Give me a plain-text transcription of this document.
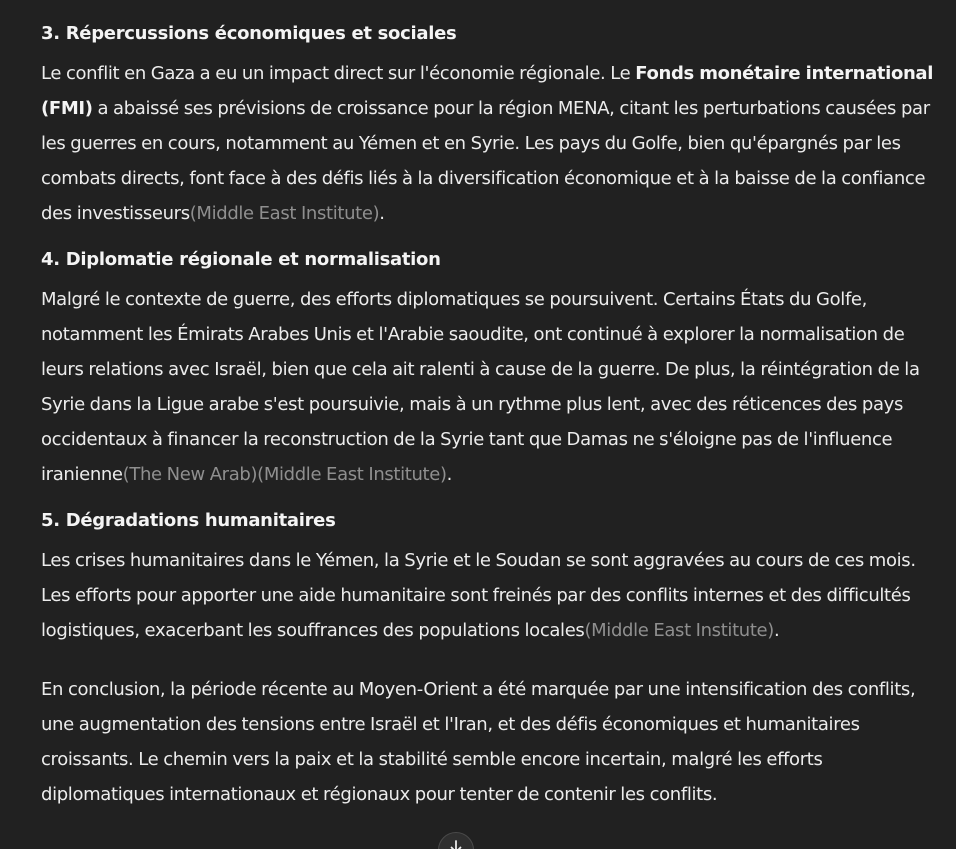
3. Répercussions économiques et sociales

Le conflit en Gaza a eu un impact direct sur l'économie régionale. Le Fonds monétaire international (FMI) a abaissé ses prévisions de croissance pour la région MENA, citant les perturbations causées par les guerres en cours, notamment au Yémen et en Syrie. Les pays du Golfe, bien qu'épargnés par les combats directs, font face à des défis liés à la diversification économique et à la baisse de la confiance des investisseurs(Middle East Institute).

4. Diplomatie régionale et normalisation

Malgré le contexte de guerre, des efforts diplomatiques se poursuivent. Certains États du Golfe, notamment les Émirats Arabes Unis et l'Arabie saoudite, ont continué à explorer la normalisation de leurs relations avec Israël, bien que cela ait ralenti à cause de la guerre. De plus, la réintégration de la Syrie dans la Ligue arabe s'est poursuivie, mais à un rythme plus lent, avec des réticences des pays occidentaux à financer la reconstruction de la Syrie tant que Damas ne s'éloigne pas de l'influence iranienne(The New Arab)(Middle East Institute).

5. Dégradations humanitaires

Les crises humanitaires dans le Yémen, la Syrie et le Soudan se sont aggravées au cours de ces mois. Les efforts pour apporter une aide humanitaire sont freinés par des conflits internes et des difficultés logistiques, exacerbant les souffrances des populations locales(Middle East Institute).

En conclusion, la période récente au Moyen-Orient a été marquée par une intensification des conflits, une augmentation des tensions entre Israël et l'Iran, et des défis économiques et humanitaires croissants. Le chemin vers la paix et la stabilité semble encore incertain, malgré les efforts diplomatiques internationaux et régionaux pour tenter de contenir les conflits.
